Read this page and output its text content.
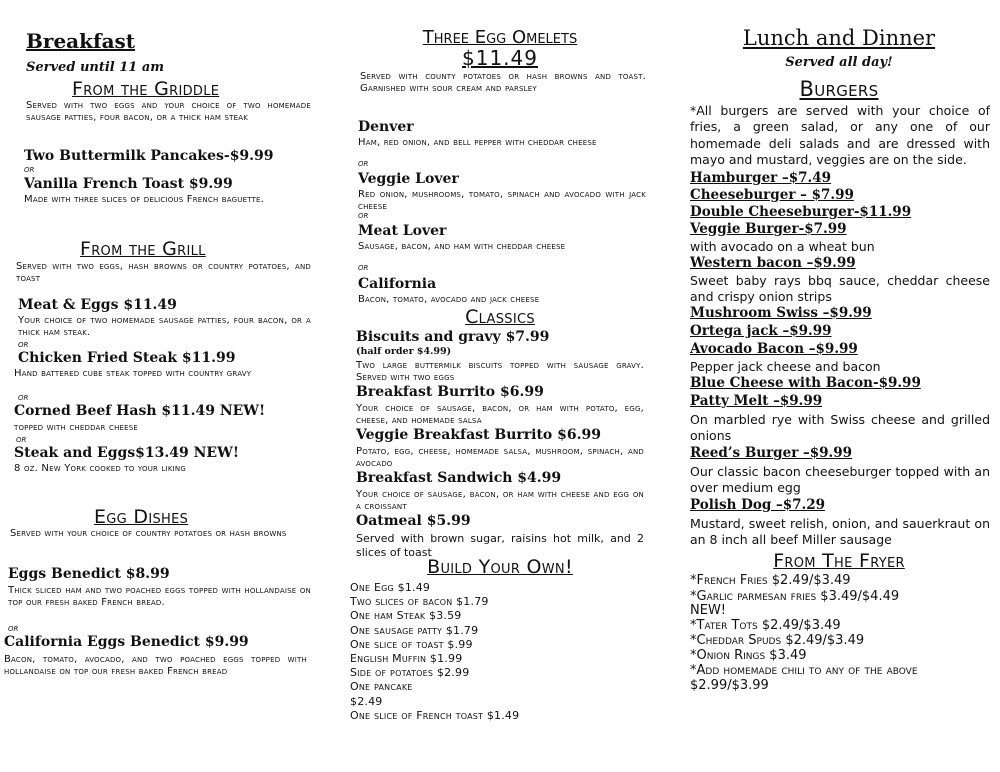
Breakfast
Served until 11 am
From the Griddle
Served with two eggs and your choice of two homemade sausage patties, four bacon, or a thick ham steak
Two Buttermilk Pancakes-$9.99
or
Vanilla French Toast $9.99
Made with three slices of delicious French baguette.
From the Grill
Served with two eggs, hash browns or country potatoes, and toast
Meat & Eggs $11.49
Your choice of two homemade sausage patties, four bacon, or a thick ham steak.
or
Chicken Fried Steak $11.99
Hand battered cube steak topped with country gravy
or
Corned Beef Hash $11.49 NEW!
topped with cheddar cheese
or
Steak and Eggs$13.49 NEW!
8 oz. New York cooked to your liking
Egg Dishes
Served with your choice of country potatoes or hash browns
Eggs Benedict $8.99
Thick sliced ham and two poached eggs topped with hollandaise on top our fresh baked French bread.
or
California Eggs Benedict $9.99
Bacon, tomato, avocado, and two poached eggs topped with hollandaise on top our fresh baked French bread
Three Egg Omelets
$11.49
Served with county potatoes or hash browns and toast. Garnished with sour cream and parsley
Denver
Ham, red onion, and bell pepper with cheddar cheese
or
Veggie Lover
Red onion, mushrooms, tomato, spinach and avocado with jack cheese
or
Meat Lover
Sausage, bacon, and ham with cheddar cheese
or
California
Bacon, tomato, avocado and jack cheese
Classics
Biscuits and gravy $7.99
(half order $4.99)
Two large buttermilk biscuits topped with sausage gravy. Served with two eggs
Breakfast Burrito $6.99
Your choice of sausage, bacon, or ham with potato, egg, cheese, and homemade salsa
Veggie Breakfast Burrito $6.99
Potato, egg, cheese, homemade salsa, mushroom, spinach, and avocado
Breakfast Sandwich $4.99
Your choice of sausage, bacon, or ham with cheese and egg on a croissant
Oatmeal $5.99
Served with brown sugar, raisins hot milk, and 2 slices of toast
Build Your Own!
One Egg $1.49
Two slices of bacon $1.79
One ham Steak $3.59
One sausage patty $1.79
One slice of toast $.99
English Muffin $1.99
Side of potatoes $2.99
One pancake
$2.49
One slice of French toast $1.49
Lunch and Dinner
Served all day!
Burgers
*All burgers are served with your choice of fries, a green salad, or any one of our homemade deli salads and are dressed with mayo and mustard, veggies are on the side.
Hamburger –$7.49
Cheeseburger – $7.99
Double Cheeseburger-$11.99
Veggie Burger-$7.99
with avocado on a wheat bun
Western bacon –$9.99
Sweet baby rays bbq sauce, cheddar cheese and crispy onion strips
Mushroom Swiss –$9.99
Ortega jack –$9.99
Avocado Bacon –$9.99
Pepper jack cheese and bacon
Blue Cheese with Bacon-$9.99
Patty Melt –$9.99
On marbled rye with Swiss cheese and grilled onions
Reed’s Burger –$9.99
Our classic bacon cheeseburger topped with an over medium egg
Polish Dog –$7.29
Mustard, sweet relish, onion, and sauerkraut on an 8 inch all beef Miller sausage
From The Fryer
*French Fries $2.49/$3.49
*Garlic parmesan fries $3.49/$4.49
NEW!
*Tater Tots $2.49/$3.49
*Cheddar Spuds $2.49/$3.49
*Onion Rings $3.49
*Add homemade chili to any of the above
$2.99/$3.99
